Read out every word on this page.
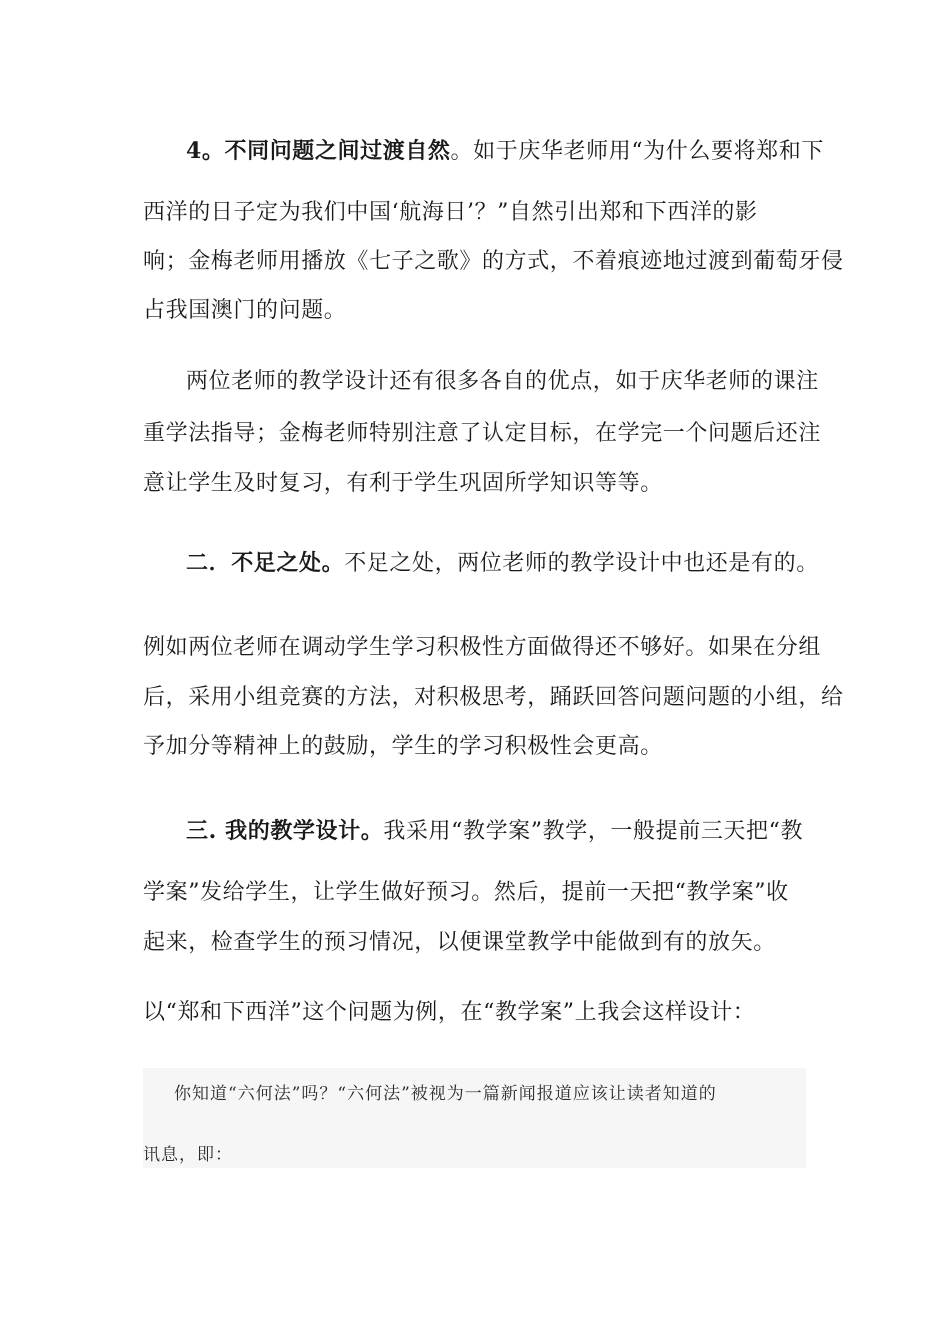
4。不同问题之间过渡自然。如于庆华老师用“为什么要将郑和下
西洋的日子定为我们中国‘航海日’？”自然引出郑和下西洋的影
响；金梅老师用播放《七子之歌》的方式，不着痕迹地过渡到葡萄牙侵
占我国澳门的问题。
两位老师的教学设计还有很多各自的优点，如于庆华老师的课注
重学法指导；金梅老师特别注意了认定目标，在学完一个问题后还注
意让学生及时复习，有利于学生巩固所学知识等等。
二．不足之处。不足之处，两位老师的教学设计中也还是有的。
例如两位老师在调动学生学习积极性方面做得还不够好。如果在分组
后，采用小组竞赛的方法，对积极思考，踊跃回答问题问题的小组，给
予加分等精神上的鼓励，学生的学习积极性会更高。
三. 我的教学设计。我采用“教学案”教学，一般提前三天把“教
学案”发给学生，让学生做好预习。然后，提前一天把“教学案”收
起来，检查学生的预习情况，以便课堂教学中能做到有的放矢。
以“郑和下西洋”这个问题为例，在“教学案”上我会这样设计：
你知道“六何法”吗？“六何法”被视为一篇新闻报道应该让读者知道的
讯息，即：
